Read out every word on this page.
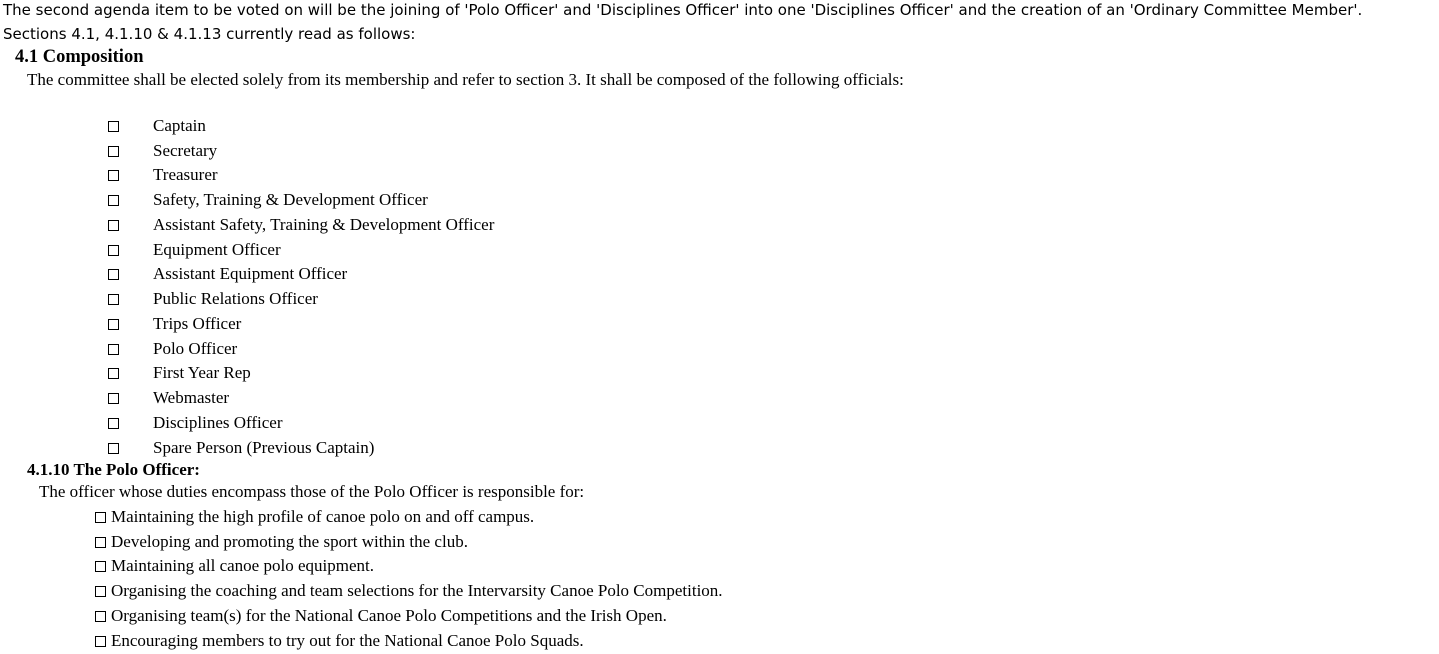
The second agenda item to be voted on will be the joining of 'Polo Officer' and 'Disciplines Officer' into one 'Disciplines Officer' and the creation of an 'Ordinary Committee Member'.
Sections 4.1, 4.1.10 & 4.1.13 currently read as follows:
4.1 Composition
The committee shall be elected solely from its membership and refer to section 3. It shall be composed of the following officials:
Captain
Secretary
Treasurer
Safety, Training & Development Officer
Assistant Safety, Training & Development Officer
Equipment Officer
Assistant Equipment Officer
Public Relations Officer
Trips Officer
Polo Officer
First Year Rep
Webmaster
Disciplines Officer
Spare Person (Previous Captain)
4.1.10 The Polo Officer:
The officer whose duties encompass those of the Polo Officer is responsible for:
Maintaining the high profile of canoe polo on and off campus.
Developing and promoting the sport within the club.
Maintaining all canoe polo equipment.
Organising the coaching and team selections for the Intervarsity Canoe Polo Competition.
Organising team(s) for the National Canoe Polo Competitions and the Irish Open.
Encouraging members to try out for the National Canoe Polo Squads.
